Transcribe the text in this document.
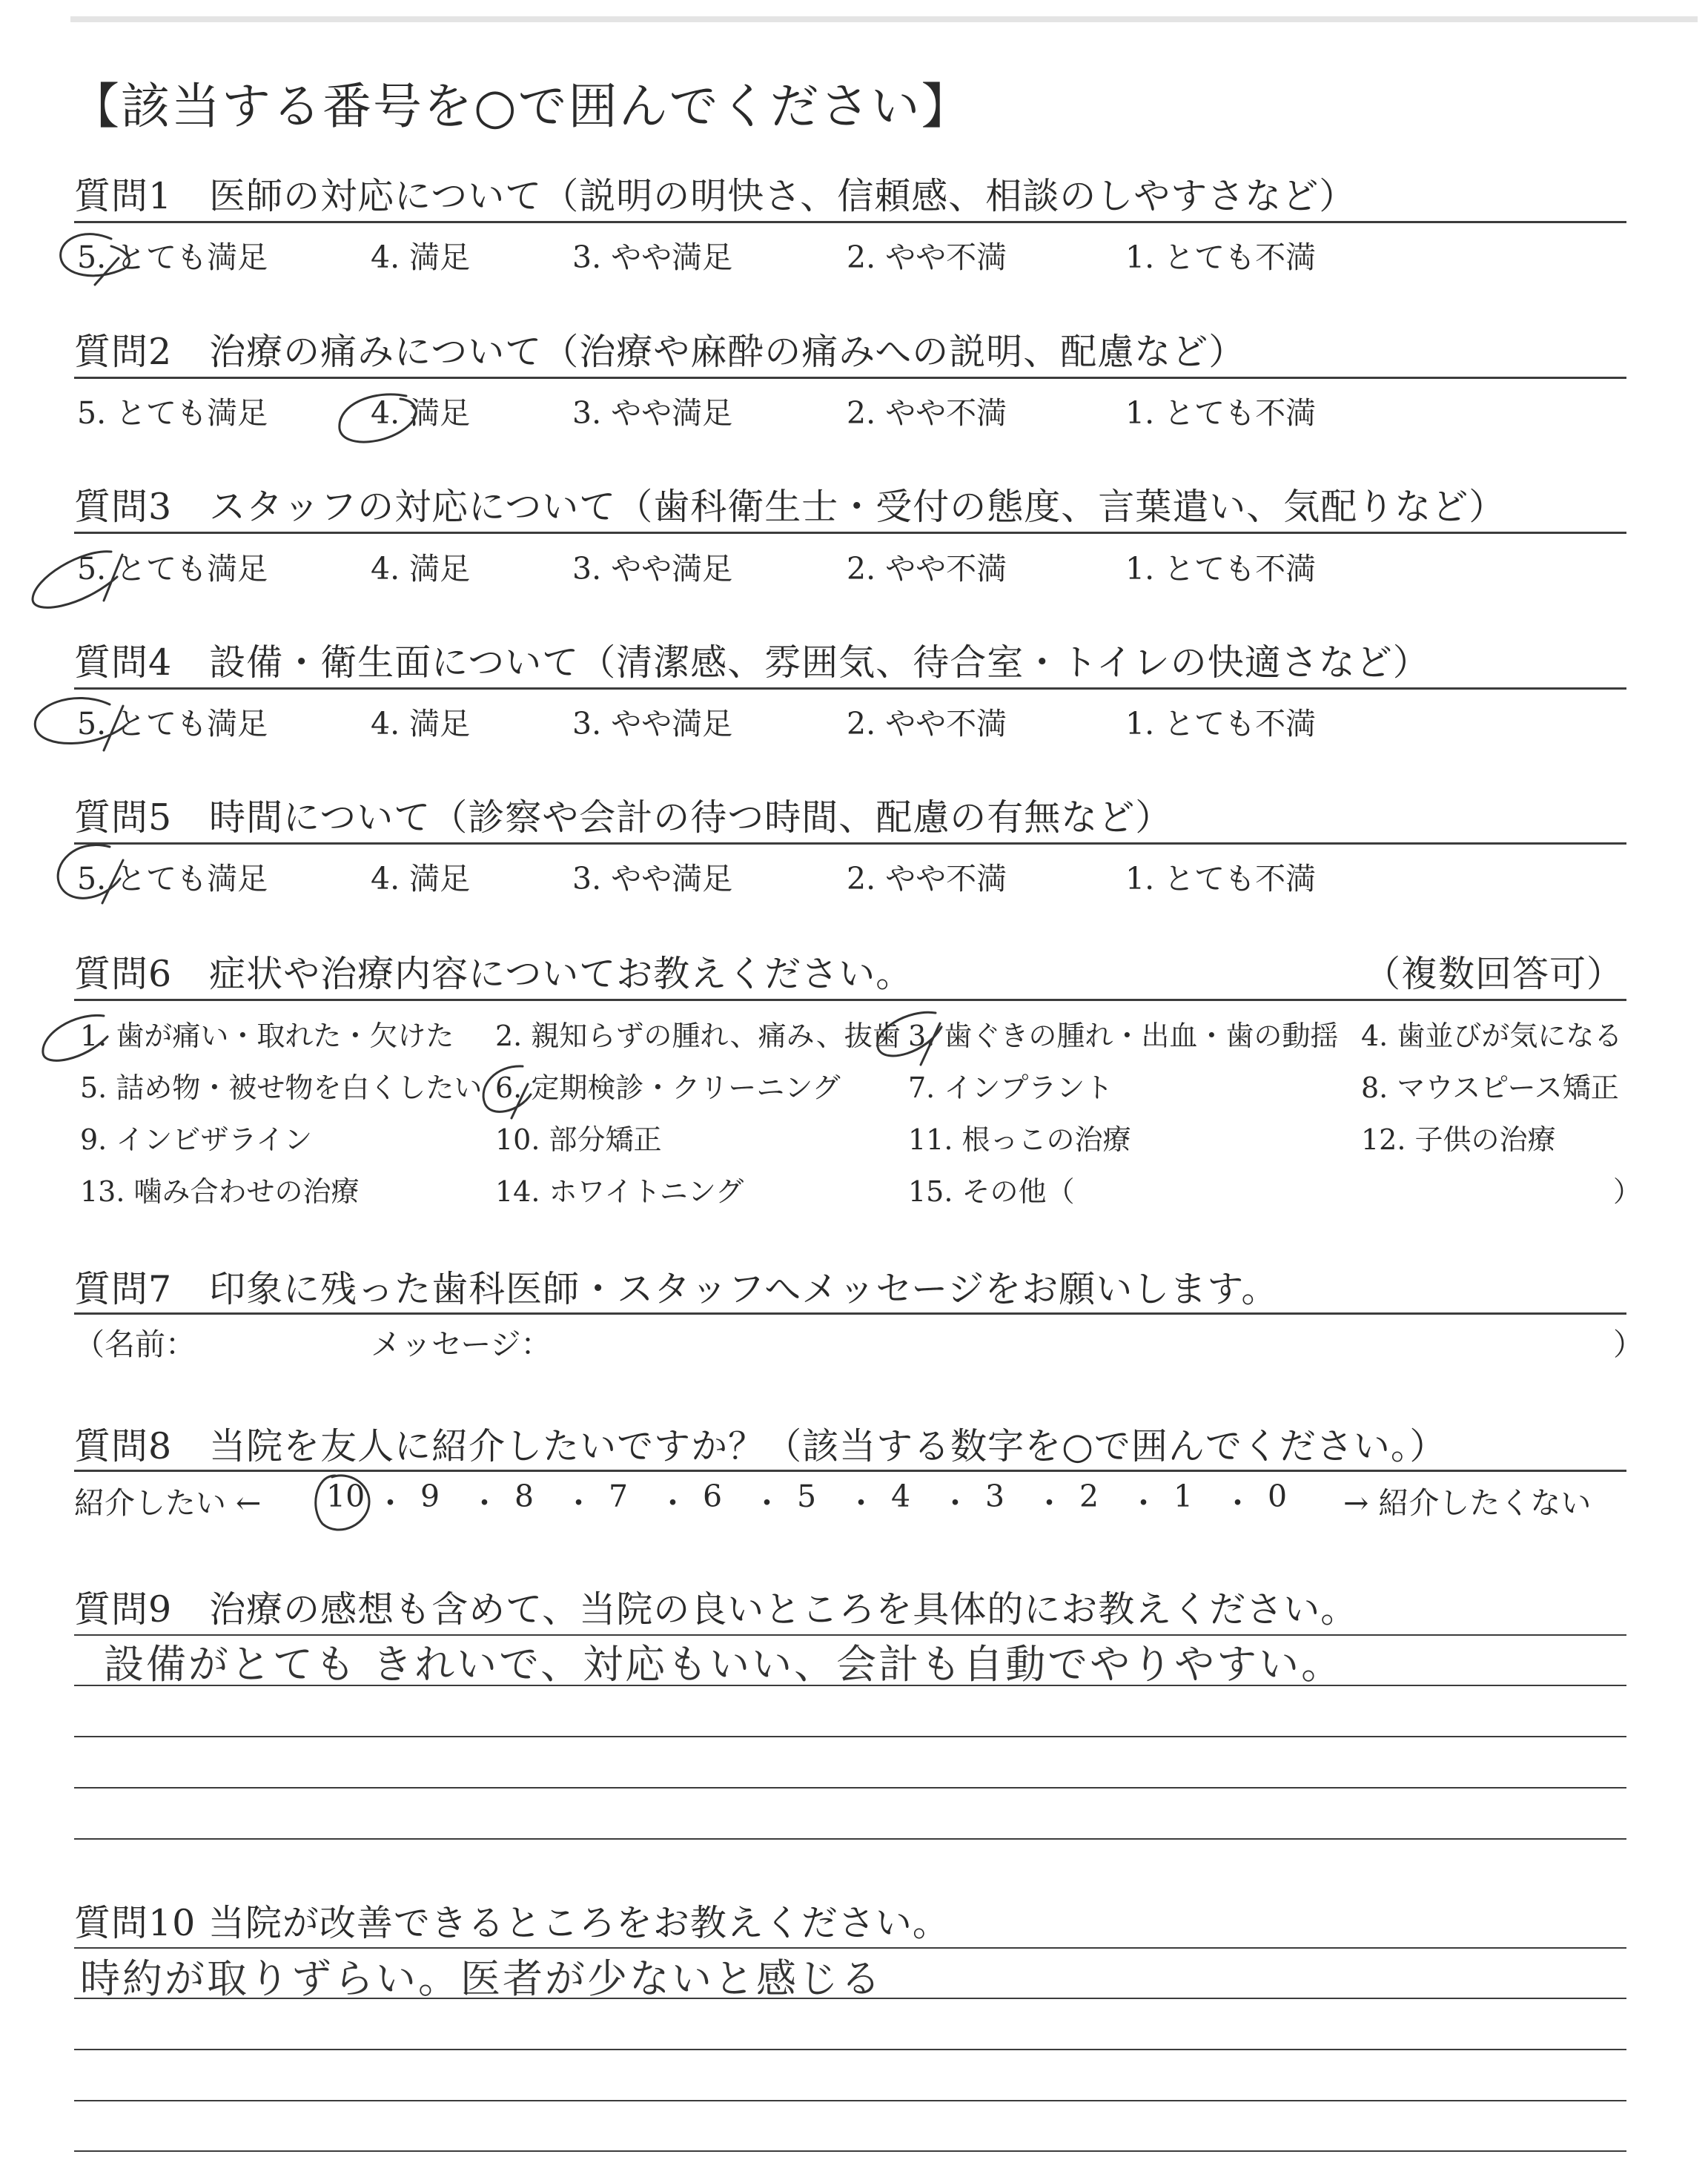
【該当する番号を○で囲んでください】
質問1　医師の対応について（説明の明快さ、信頼感、相談のしやすさなど）
5. とても満足	4. 満足	3. やや満足	2. やや不満	1. とても不満
質問2　治療の痛みについて（治療や麻酔の痛みへの説明、配慮など）
5. とても満足	4. 満足	3. やや満足	2. やや不満	1. とても不満
質問3　スタッフの対応について（歯科衛生士・受付の態度、言葉遣い、気配りなど）
5. とても満足	4. 満足	3. やや満足	2. やや不満	1. とても不満
質問4　設備・衛生面について（清潔感、雰囲気、待合室・トイレの快適さなど）
5. とても満足	4. 満足	3. やや満足	2. やや不満	1. とても不満
質問5　時間について（診察や会計の待つ時間、配慮の有無など）
5. とても満足	4. 満足	3. やや満足	2. やや不満	1. とても不満
質問6　症状や治療内容についてお教えください。	（複数回答可）
1. 歯が痛い・取れた・欠けた 2. 親知らずの腫れ、痛み、抜歯 3. 歯ぐきの腫れ・出血・歯の動揺 4. 歯並びが気になる
5. 詰め物・被せ物を白くしたい 6. 定期検診・クリーニング 7. インプラント	8. マウスピース矯正
9. インビザライン	10. 部分矯正	11. 根っこの治療	12. 子供の治療
13. 噛み合わせの治療	14. ホワイトニング	15. その他（	）
質問7　印象に残った歯科医師・スタッフへメッセージをお願いします。
（名前：	メッセージ：	）
質問8　当院を友人に紹介したいですか？（該当する数字を○で囲んでください。）
紹介したい ← 10 ・ 9 ・ 8 ・ 7 ・ 6 ・ 5 ・ 4 ・ 3 ・ 2 ・ 1 ・ 0 → 紹介したくない
質問9　治療の感想も含めて、当院の良いところを具体的にお教えください。
設備がとても きれいで、対応もいい、会計も自動でやりやすい。
質問10 当院が改善できるところをお教えください。
時約が取りずらい。医者が少ないと感じる
